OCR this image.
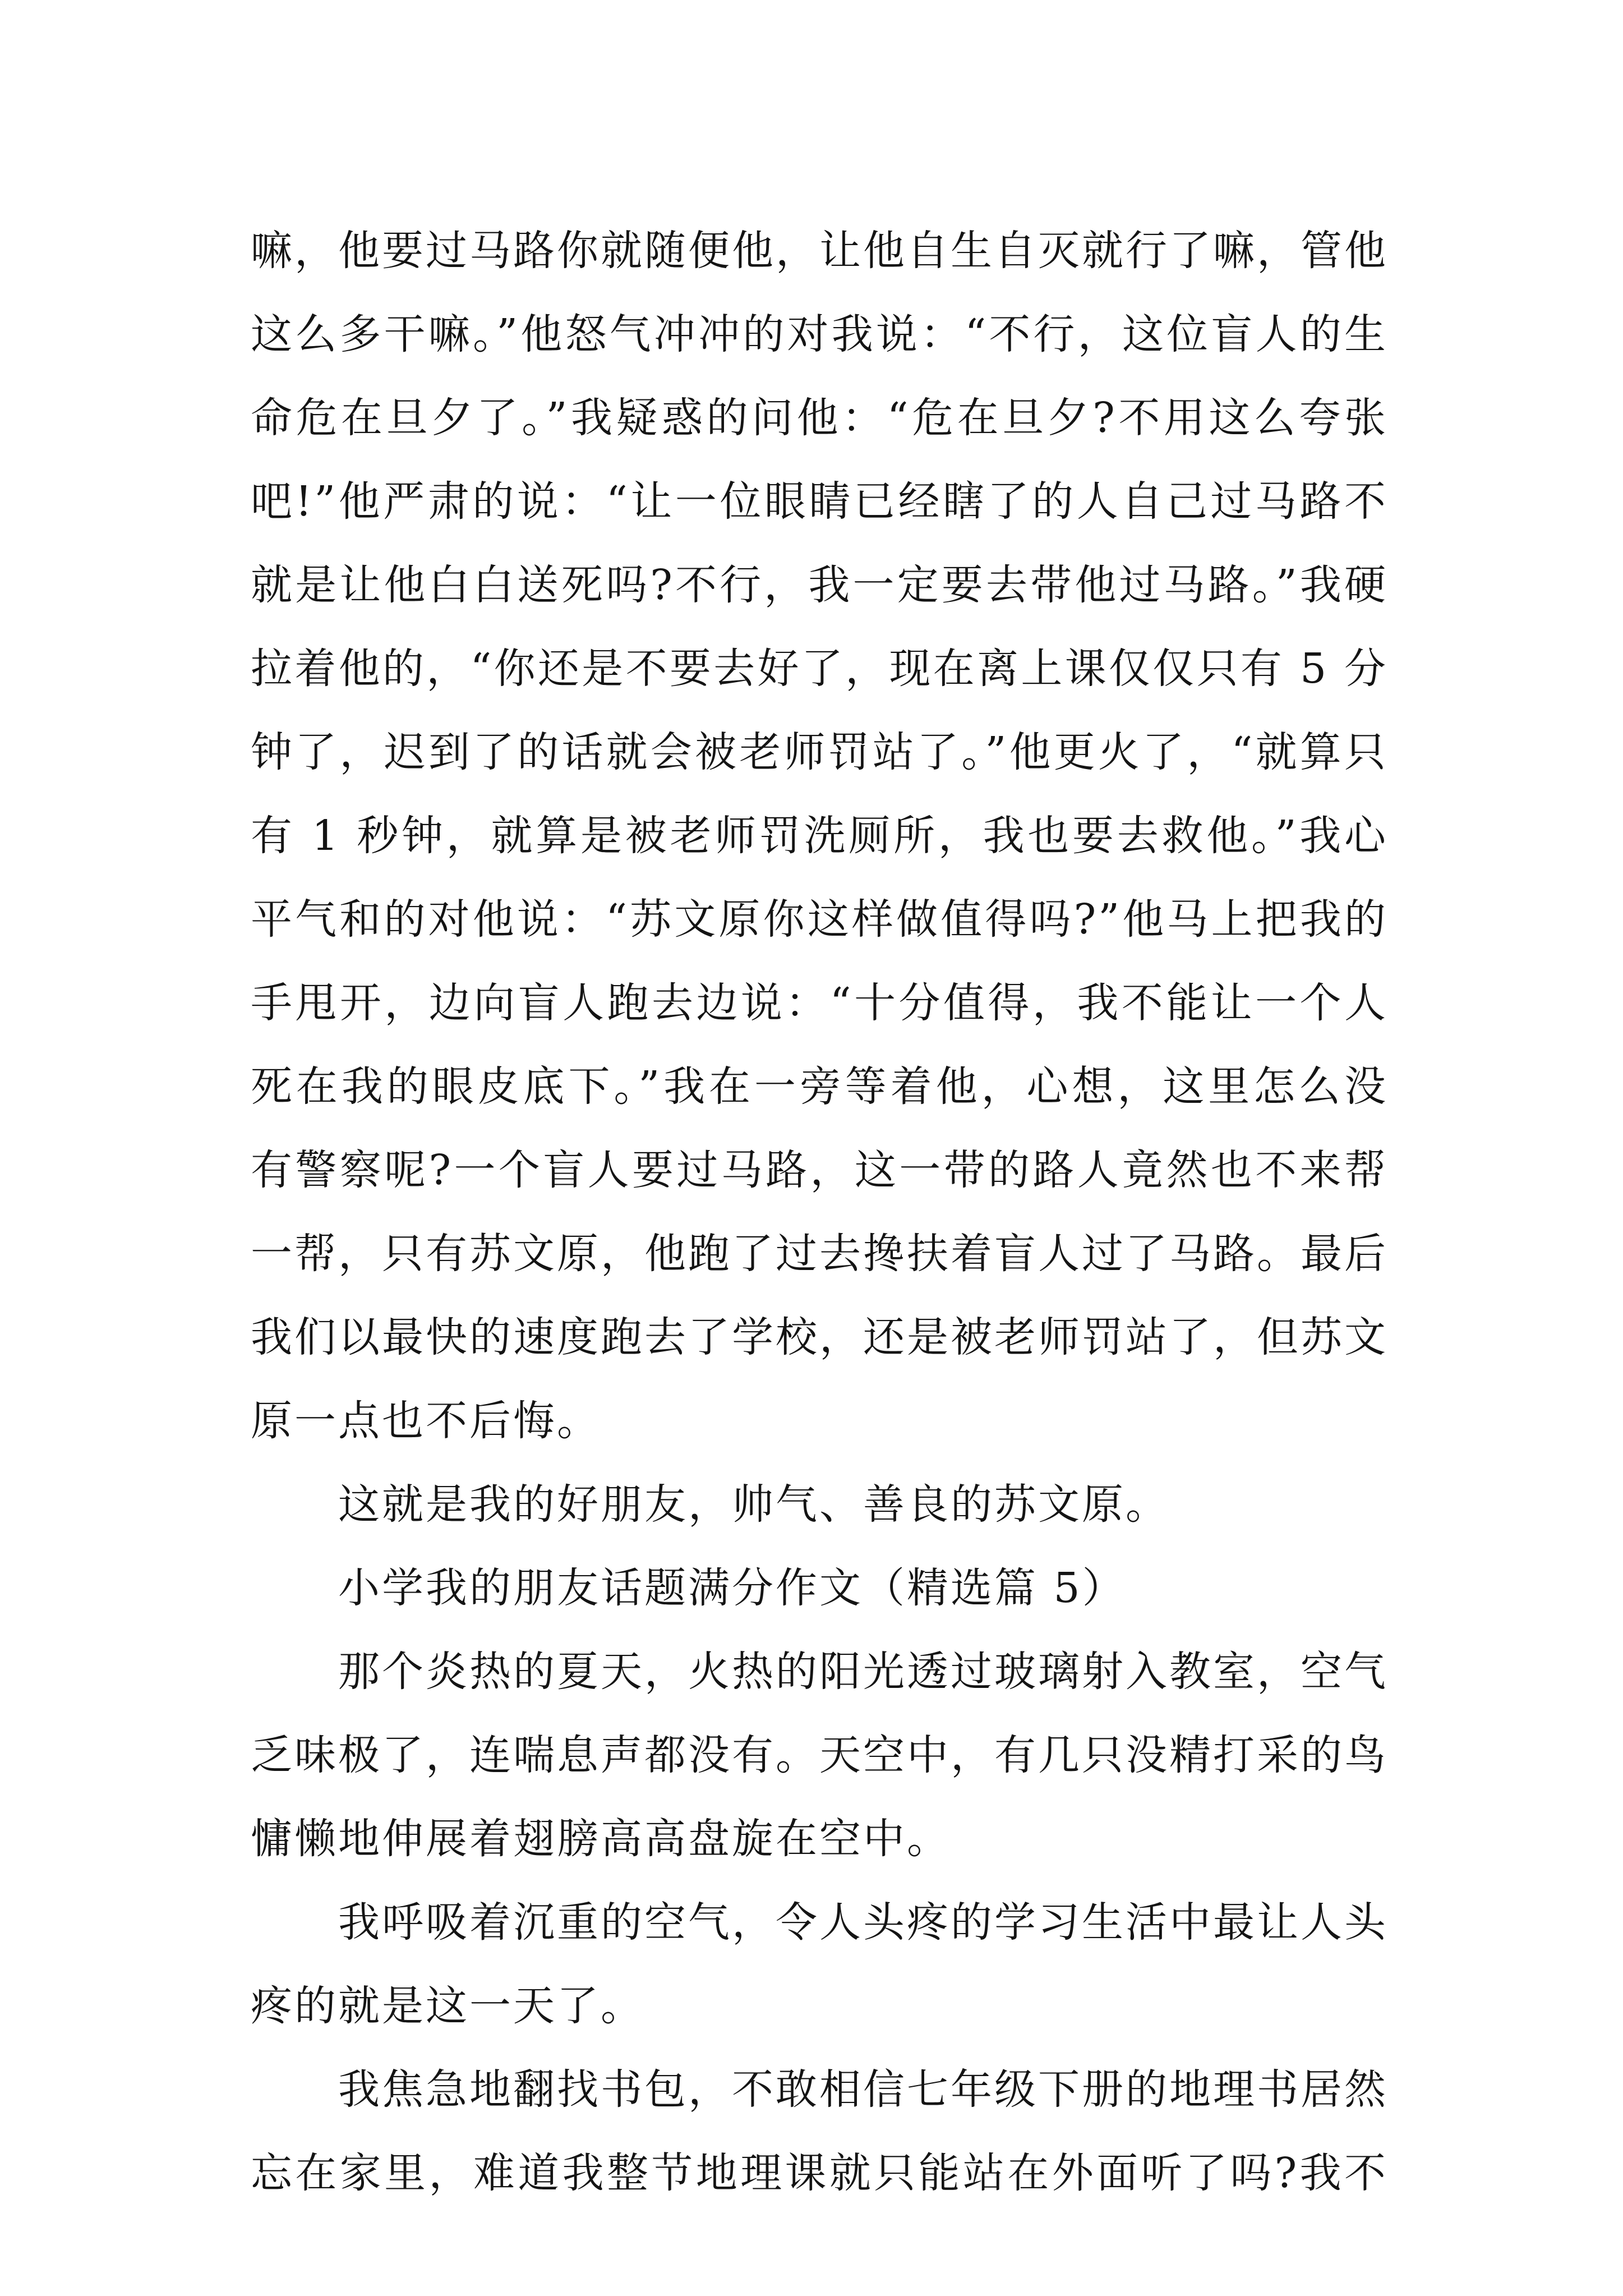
嘛，他要过马路你就随便他，让他自生自灭就行了嘛，管他
这么多干嘛。”他怒气冲冲的对我说：“不行，这位盲人的生
命危在旦夕了。”我疑惑的问他：“危在旦夕?不用这么夸张
吧!”他严肃的说：“让一位眼睛已经瞎了的人自己过马路不
就是让他白白送死吗?不行，我一定要去带他过马路。”我硬
拉着他的，“你还是不要去好了，现在离上课仅仅只有 5 分
钟了，迟到了的话就会被老师罚站了。”他更火了，“就算只
有 1 秒钟，就算是被老师罚洗厕所，我也要去救他。”我心
平气和的对他说：“苏文原你这样做值得吗?”他马上把我的
手甩开，边向盲人跑去边说：“十分值得，我不能让一个人
死在我的眼皮底下。”我在一旁等着他，心想，这里怎么没
有警察呢?一个盲人要过马路，这一带的路人竟然也不来帮
一帮，只有苏文原，他跑了过去搀扶着盲人过了马路。最后
我们以最快的速度跑去了学校，还是被老师罚站了，但苏文
原一点也不后悔。
这就是我的好朋友，帅气、善良的苏文原。
小学我的朋友话题满分作文（精选篇 5）
那个炎热的夏天，火热的阳光透过玻璃射入教室，空气
乏味极了，连喘息声都没有。天空中，有几只没精打采的鸟
慵懒地伸展着翅膀高高盘旋在空中。
我呼吸着沉重的空气，令人头疼的学习生活中最让人头
疼的就是这一天了。
我焦急地翻找书包，不敢相信七年级下册的地理书居然
忘在家里，难道我整节地理课就只能站在外面听了吗?我不
